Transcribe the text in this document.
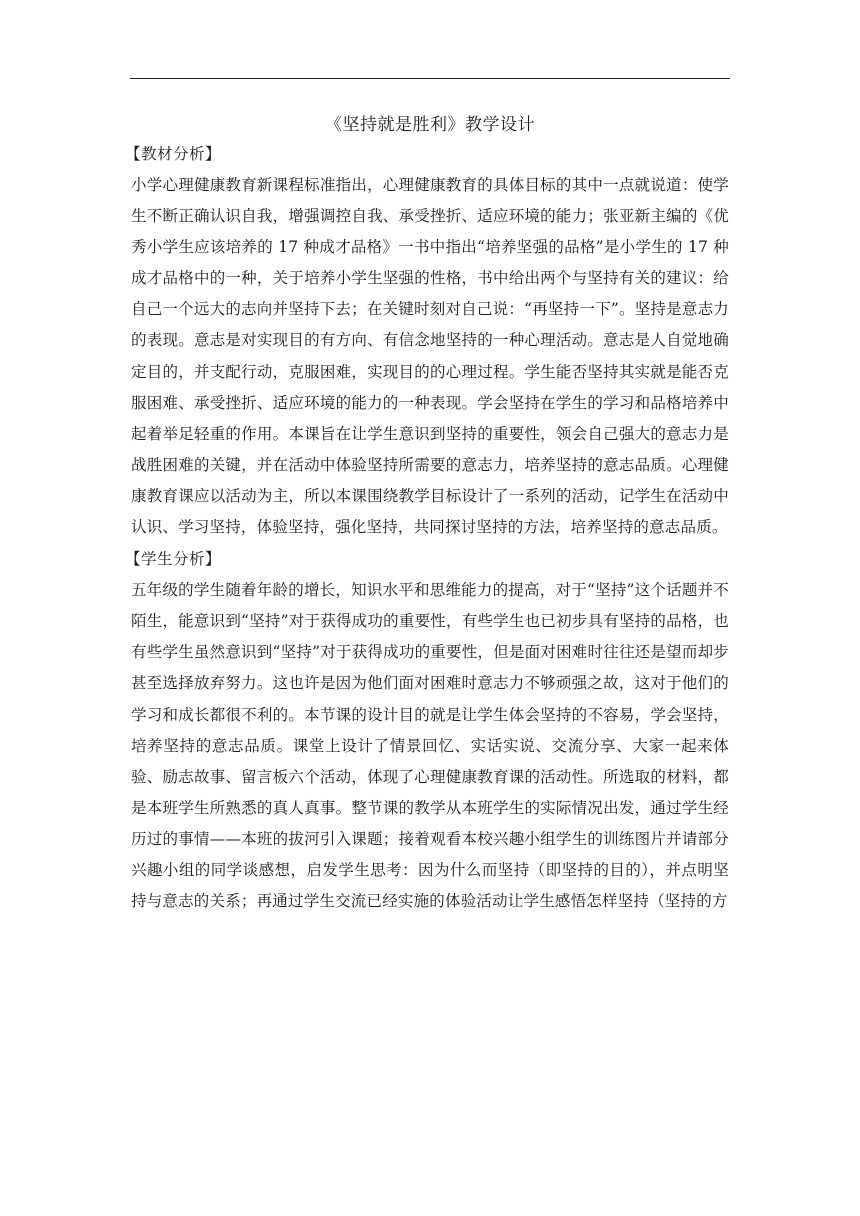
《坚持就是胜利》教学设计
【教材分析】

小学心理健康教育新课程标准指出，心理健康教育的具体目标的其中一点就说道：使学生不断正确认识自我，增强调控自我、承受挫折、适应环境的能力；张亚新主编的《优秀小学生应该培养的 17 种成才品格》一书中指出“培养坚强的品格”是小学生的 17 种成才品格中的一种，关于培养小学生坚强的性格，书中给出两个与坚持有关的建议：给自己一个远大的志向并坚持下去；在关键时刻对自己说：“再坚持一下”。坚持是意志力的表现。意志是对实现目的有方向、有信念地坚持的一种心理活动。意志是人自觉地确定目的，并支配行动，克服困难，实现目的的心理过程。学生能否坚持其实就是能否克服困难、承受挫折、适应环境的能力的一种表现。学会坚持在学生的学习和品格培养中起着举足轻重的作用。本课旨在让学生意识到坚持的重要性，领会自己强大的意志力是战胜困难的关键，并在活动中体验坚持所需要的意志力，培养坚持的意志品质。心理健康教育课应以活动为主，所以本课围绕教学目标设计了一系列的活动，记学生在活动中认识、学习坚持，体验坚持，强化坚持，共同探讨坚持的方法，培养坚持的意志品质。

【学生分析】

五年级的学生随着年龄的增长，知识水平和思维能力的提高，对于“坚持”这个话题并不陌生，能意识到“坚持”对于获得成功的重要性，有些学生也已初步具有坚持的品格，也有些学生虽然意识到“坚持”对于获得成功的重要性，但是面对困难时往往还是望而却步甚至选择放弃努力。这也许是因为他们面对困难时意志力不够顽强之故，这对于他们的学习和成长都很不利的。本节课的设计目的就是让学生体会坚持的不容易，学会坚持，培养坚持的意志品质。课堂上设计了情景回忆、实话实说、交流分享、大家一起来体验、励志故事、留言板六个活动，体现了心理健康教育课的活动性。所选取的材料，都是本班学生所熟悉的真人真事。整节课的教学从本班学生的实际情况出发，通过学生经历过的事情——本班的拔河引入课题；接着观看本校兴趣小组学生的训练图片并请部分兴趣小组的同学谈感想，启发学生思考：因为什么而坚持（即坚持的目的），并点明坚持与意志的关系；再通过学生交流已经实施的体验活动让学生感悟怎样坚持（坚持的方
